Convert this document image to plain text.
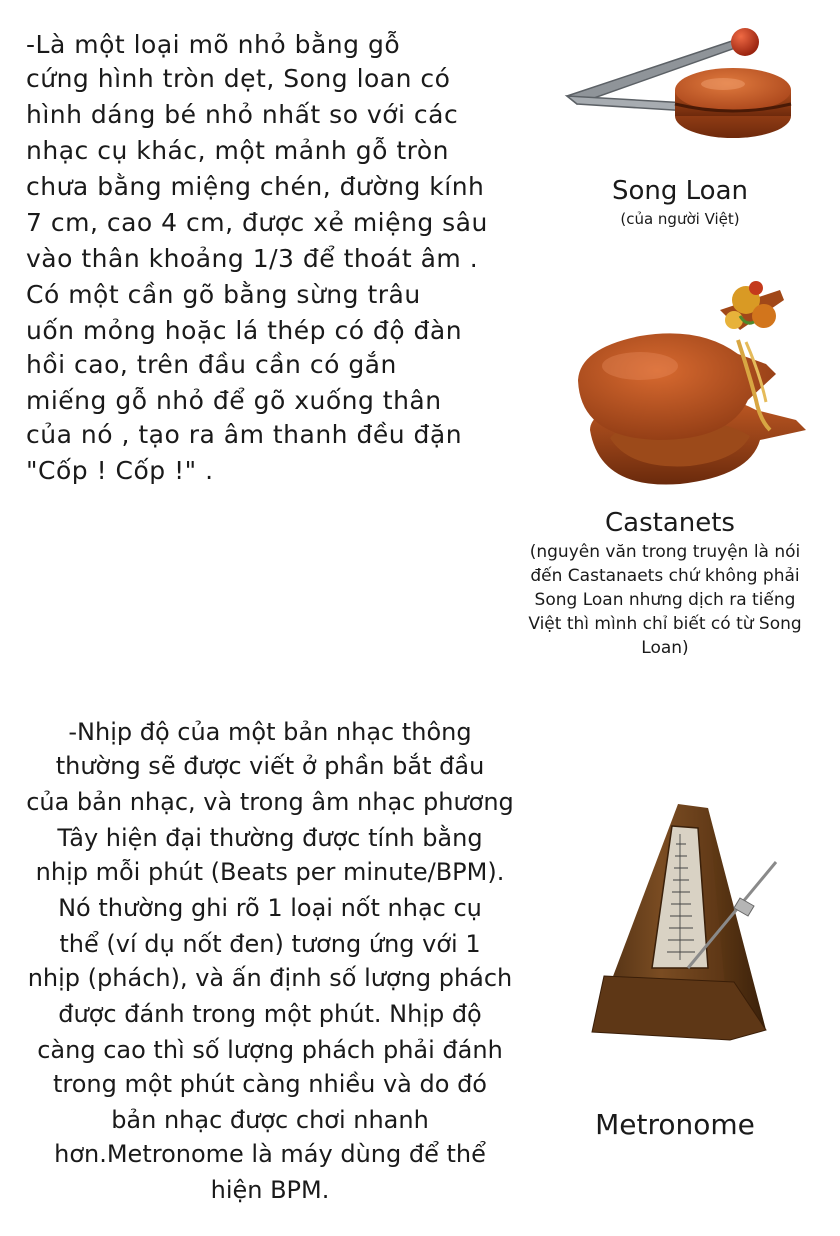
-Là một loại mõ nhỏ bằng gỗ
cứng hình tròn dẹt, Song loan có
hình dáng bé nhỏ nhất so với các
nhạc cụ khác, một mảnh gỗ tròn
chưa bằng miệng chén, đường kính
7 cm, cao 4 cm, được xẻ miệng sâu
vào thân khoảng 1/3 để thoát âm .
Có một cần gõ bằng sừng trâu
uốn mỏng hoặc lá thép có độ đàn
hồi cao, trên đầu cần có gắn
miếng gỗ nhỏ để gõ xuống thân
của nó , tạo ra âm thanh đều đặn
"Cốp ! Cốp !" .
Song Loan
(của người Việt)
Castanets
(nguyên văn trong truyện là nói
đến Castanaets chứ không phải
Song Loan nhưng dịch ra tiếng
Việt thì mình chỉ biết có từ Song
Loan)
-Nhịp độ của một bản nhạc thông
thường sẽ được viết ở phần bắt đầu
của bản nhạc, và trong âm nhạc phương
Tây hiện đại thường được tính bằng
nhịp mỗi phút (Beats per minute/BPM).
Nó thường ghi rõ 1 loại nốt nhạc cụ
thể (ví dụ nốt đen) tương ứng với 1
nhịp (phách), và ấn định số lượng phách
được đánh trong một phút. Nhịp độ
càng cao thì số lượng phách phải đánh
trong một phút càng nhiều và do đó
bản nhạc được chơi nhanh
hơn.Metronome là máy dùng để thể
hiện BPM.
Metronome
